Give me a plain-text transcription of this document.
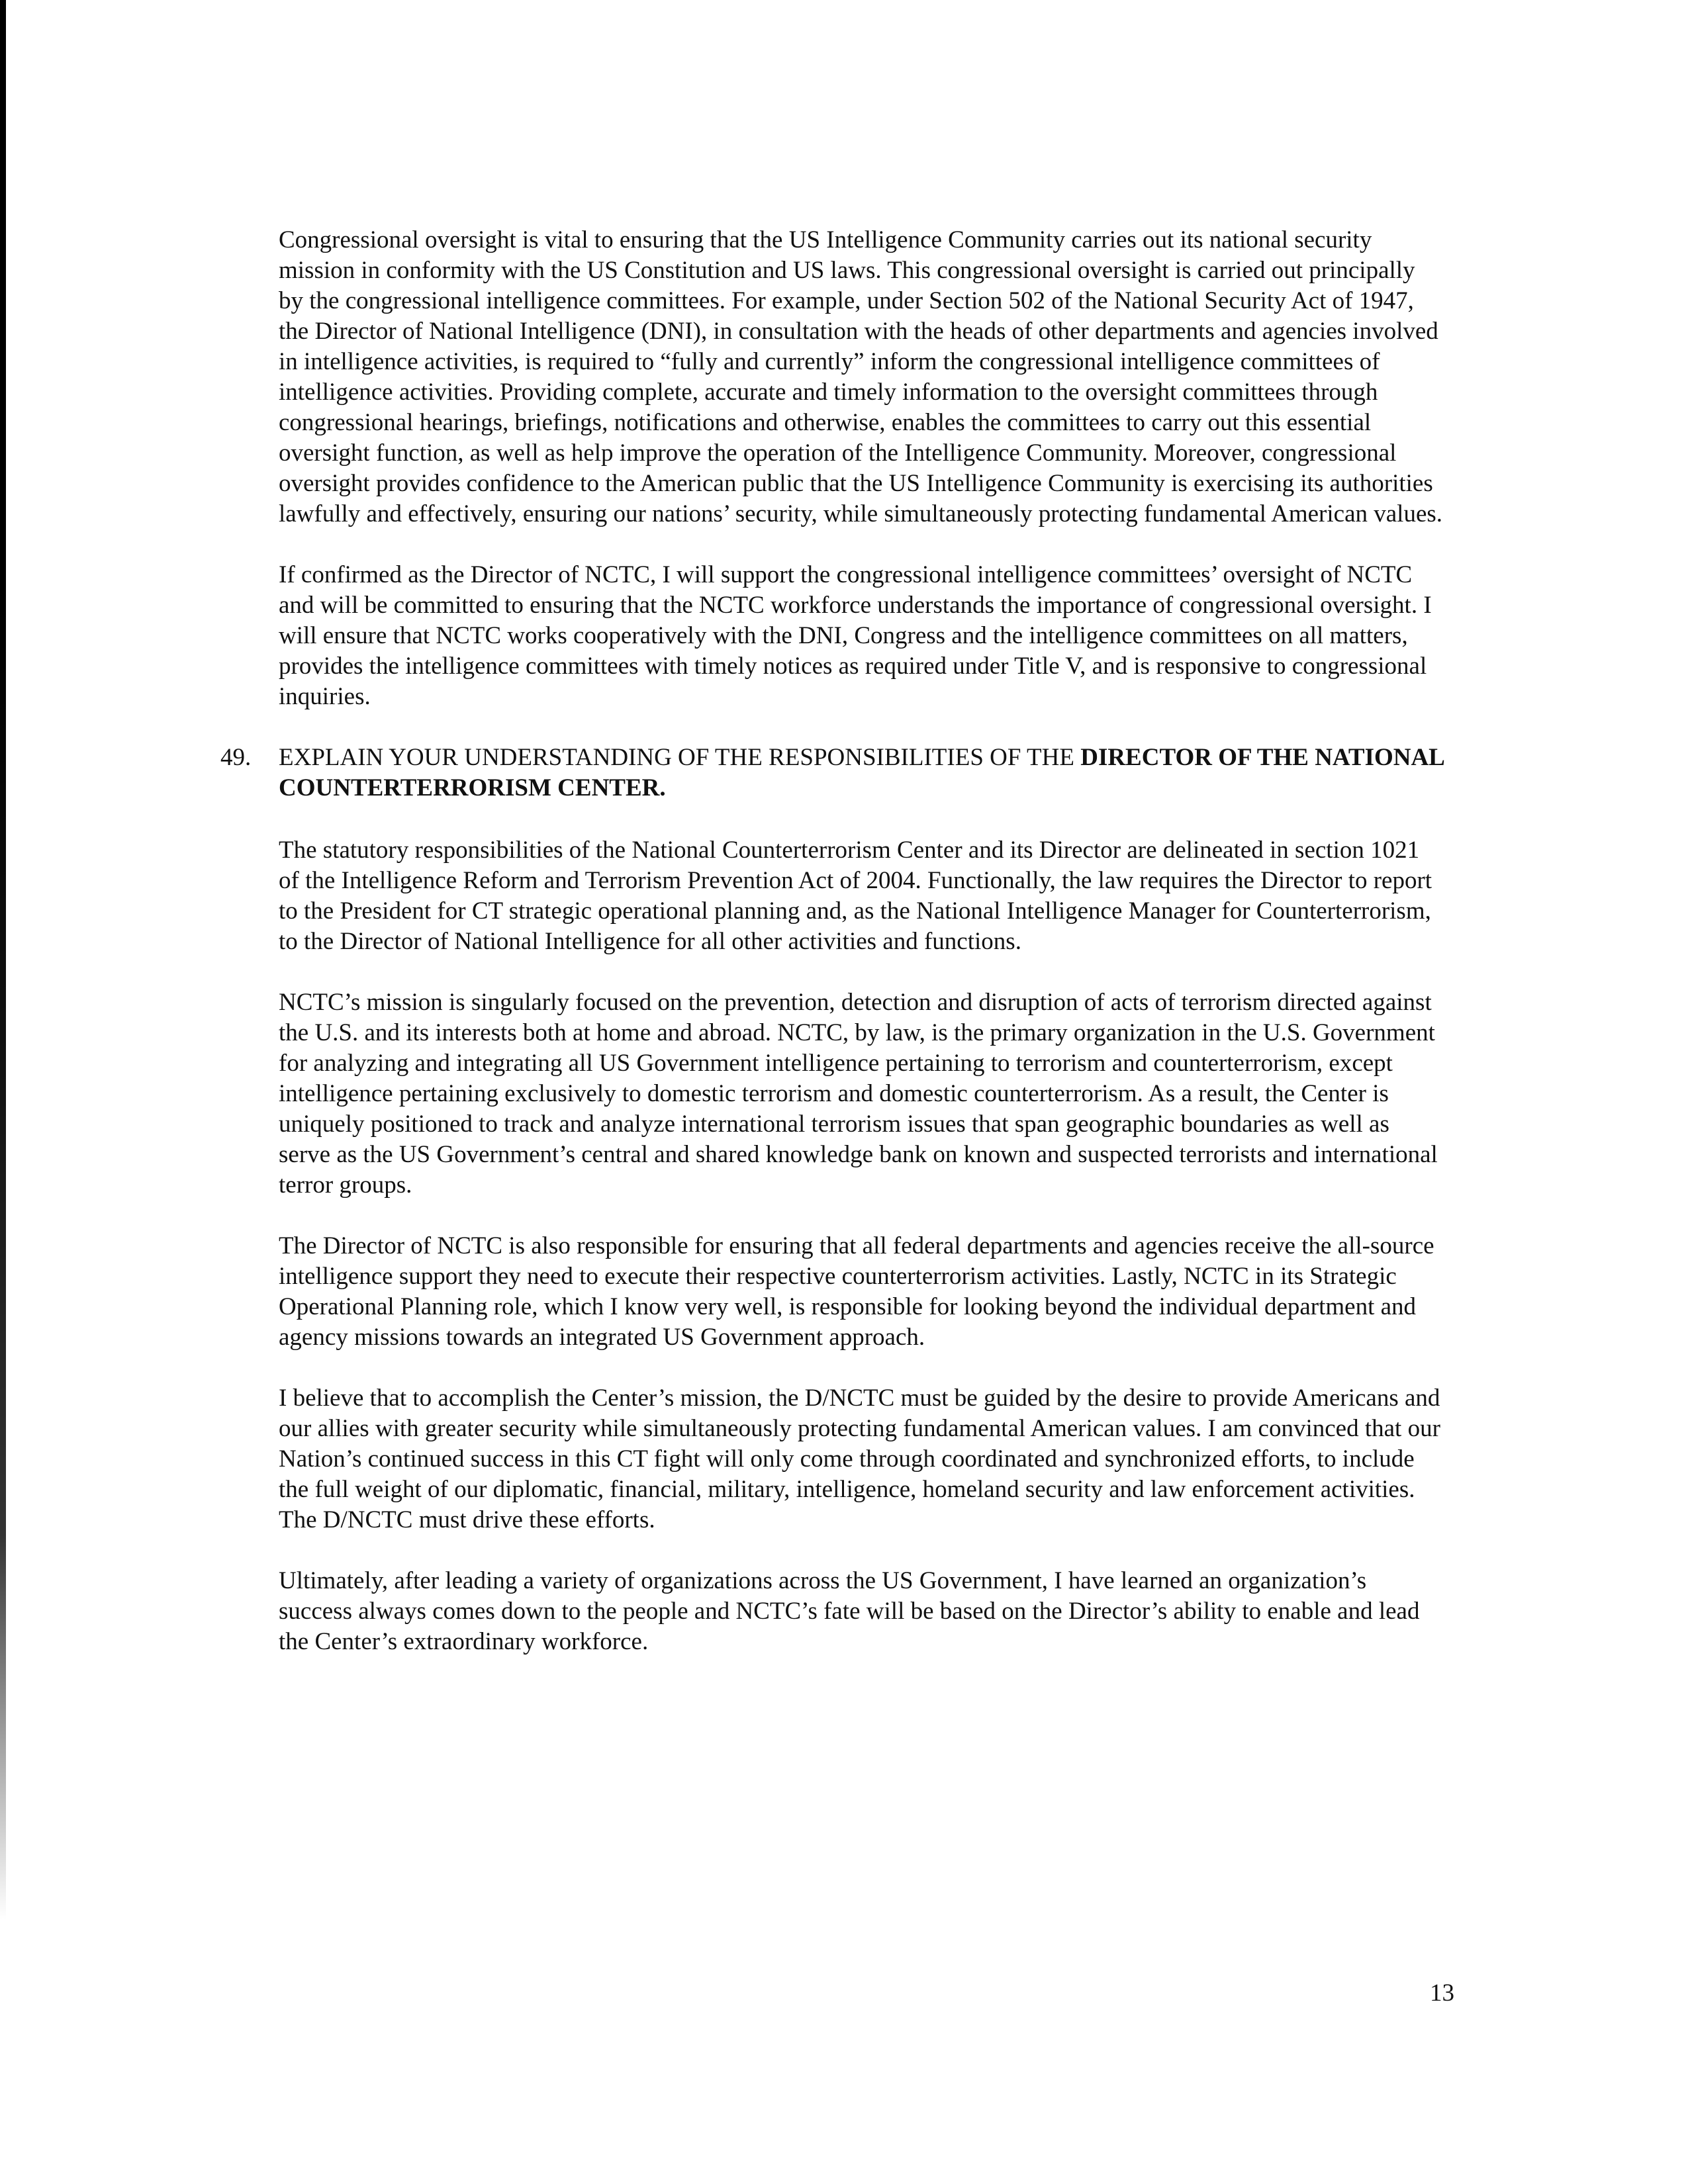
Congressional oversight is vital to ensuring that the US Intelligence Community carries out its national security mission in conformity with the US Constitution and US laws. This congressional oversight is carried out principally by the congressional intelligence committees. For example, under Section 502 of the National Security Act of 1947, the Director of National Intelligence (DNI), in consultation with the heads of other departments and agencies involved in intelligence activities, is required to “fully and currently” inform the congressional intelligence committees of intelligence activities. Providing complete, accurate and timely information to the oversight committees through congressional hearings, briefings, notifications and otherwise, enables the committees to carry out this essential oversight function, as well as help improve the operation of the Intelligence Community. Moreover, congressional oversight provides confidence to the American public that the US Intelligence Community is exercising its authorities lawfully and effectively, ensuring our nations’ security, while simultaneously protecting fundamental American values.

If confirmed as the Director of NCTC, I will support the congressional intelligence committees’ oversight of NCTC and will be committed to ensuring that the NCTC workforce understands the importance of congressional oversight. I will ensure that NCTC works cooperatively with the DNI, Congress and the intelligence committees on all matters, provides the intelligence committees with timely notices as required under Title V, and is responsive to congressional inquiries.

49. EXPLAIN YOUR UNDERSTANDING OF THE RESPONSIBILITIES OF THE DIRECTOR OF THE NATIONAL COUNTERTERRORISM CENTER.

The statutory responsibilities of the National Counterterrorism Center and its Director are delineated in section 1021 of the Intelligence Reform and Terrorism Prevention Act of 2004. Functionally, the law requires the Director to report to the President for CT strategic operational planning and, as the National Intelligence Manager for Counterterrorism, to the Director of National Intelligence for all other activities and functions.

NCTC’s mission is singularly focused on the prevention, detection and disruption of acts of terrorism directed against the U.S. and its interests both at home and abroad. NCTC, by law, is the primary organization in the U.S. Government for analyzing and integrating all US Government intelligence pertaining to terrorism and counterterrorism, except intelligence pertaining exclusively to domestic terrorism and domestic counterterrorism. As a result, the Center is uniquely positioned to track and analyze international terrorism issues that span geographic boundaries as well as serve as the US Government’s central and shared knowledge bank on known and suspected terrorists and international terror groups.

The Director of NCTC is also responsible for ensuring that all federal departments and agencies receive the all-source intelligence support they need to execute their respective counterterrorism activities. Lastly, NCTC in its Strategic Operational Planning role, which I know very well, is responsible for looking beyond the individual department and agency missions towards an integrated US Government approach.

I believe that to accomplish the Center’s mission, the D/NCTC must be guided by the desire to provide Americans and our allies with greater security while simultaneously protecting fundamental American values. I am convinced that our Nation’s continued success in this CT fight will only come through coordinated and synchronized efforts, to include the full weight of our diplomatic, financial, military, intelligence, homeland security and law enforcement activities. The D/NCTC must drive these efforts.

Ultimately, after leading a variety of organizations across the US Government, I have learned an organization’s success always comes down to the people and NCTC’s fate will be based on the Director’s ability to enable and lead the Center’s extraordinary workforce.

13
